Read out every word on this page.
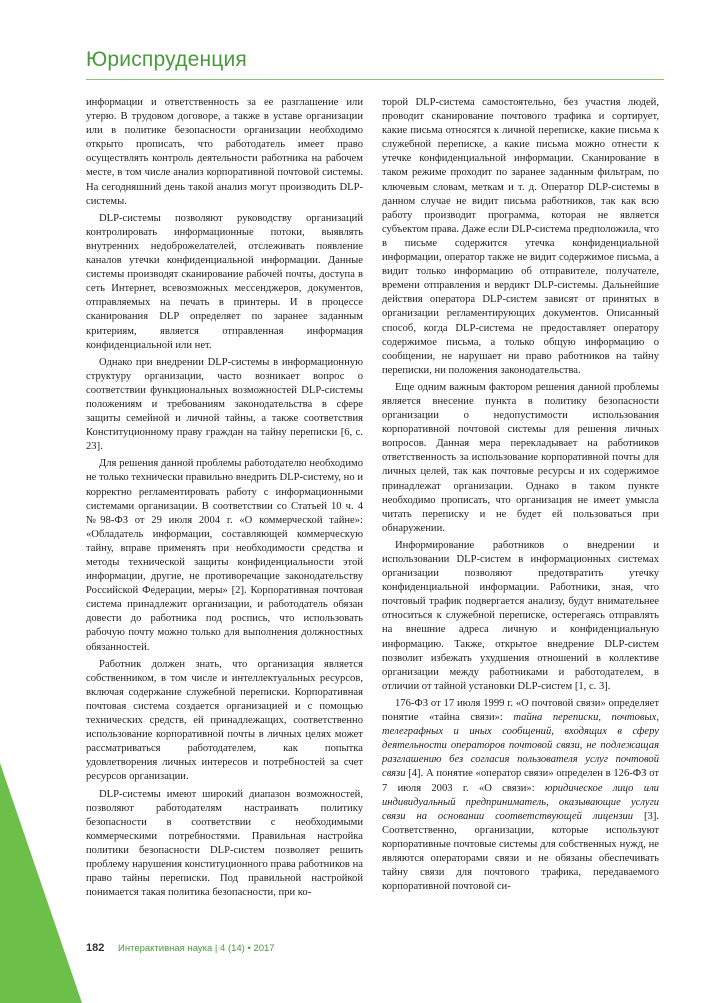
Юриспруденция

информации и ответственность за ее разглашение или утерю. В трудовом договоре, а также в уставе организации или в политике безопасности организации необходимо открыто прописать, что работодатель имеет право осуществлять контроль деятельности работника на рабочем месте, в том числе анализ корпоративной почтовой системы. На сегодняшний день такой анализ могут производить DLP-системы.

DLP-системы позволяют руководству организаций контролировать информационные потоки, выявлять внутренних недоброжелателей, отслеживать появление каналов утечки конфиденциальной информации. Данные системы производят сканирование рабочей почты, доступа в сеть Интернет, всевозможных мессенджеров, документов, отправляемых на печать в принтеры. И в процессе сканирования DLP определяет по заранее заданным критериям, является отправленная информация конфиденциальной или нет.

Однако при внедрении DLP-системы в информационную структуру организации, часто возникает вопрос о соответствии функциональных возможностей DLP-системы положениям и требованиям законодательства в сфере защиты семейной и личной тайны, а также соответствия Конституционному праву граждан на тайну переписки [6, с. 23].

Для решения данной проблемы работодателю необходимо не только технически правильно внедрить DLP-систему, но и корректно регламентировать работу с информационными системами организации. В соответствии со Статьей 10 ч. 4 №98-ФЗ от 29 июля 2004 г. «О коммерческой тайне»: «Обладатель информации, составляющей коммерческую тайну, вправе применять при необходимости средства и методы технической защиты конфиденциальности этой информации, другие, не противоречащие законодательству Российской Федерации, меры» [2]. Корпоративная почтовая система принадлежит организации, и работодатель обязан довести до работника под роспись, что использовать рабочую почту можно только для выполнения должностных обязанностей.

Работник должен знать, что организация является собственником, в том числе и интеллектуальных ресурсов, включая содержание служебной переписки. Корпоративная почтовая система создается организацией и с помощью технических средств, ей принадлежащих, соответственно использование корпоративной почты в личных целях может рассматриваться работодателем, как попытка удовлетворения личных интересов и потребностей за счет ресурсов организации.

DLP-системы имеют широкий диапазон возможностей, позволяют работодателям настраивать политику безопасности в соответствии с необходимыми коммерческими потребностями. Правильная настройка политики безопасности DLP-систем позволяет решить проблему нарушения конституционного права работников на право тайны переписки. Под правильной настройкой понимается такая политика безопасности, при ко-

торой DLP-система самостоятельно, без участия людей, проводит сканирование почтового трафика и сортирует, какие письма относятся к личной переписке, какие письма к служебной переписке, а какие письма можно отнести к утечке конфиденциальной информации. Сканирование в таком режиме проходит по заранее заданным фильтрам, по ключевым словам, меткам и т. д. Оператор DLP-системы в данном случае не видит письма работников, так как всю работу производит программа, которая не является субъектом права. Даже если DLP-система предположила, что в письме содержится утечка конфиденциальной информации, оператор также не видит содержимое письма, а видит только информацию об отправителе, получателе, времени отправления и вердикт DLP-системы. Дальнейшие действия оператора DLP-систем зависят от принятых в организации регламентирующих документов. Описанный способ, когда DLP-система не предоставляет оператору содержимое письма, а только общую информацию о сообщении, не нарушает ни право работников на тайну переписки, ни положения законодательства.

Еще одним важным фактором решения данной проблемы является внесение пункта в политику безопасности организации о недопустимости использования корпоративной почтовой системы для решения личных вопросов. Данная мера перекладывает на работников ответственность за использование корпоративной почты для личных целей, так как почтовые ресурсы и их содержимое принадлежат организации. Однако в таком пункте необходимо прописать, что организация не имеет умысла читать переписку и не будет ей пользоваться при обнаружении.

Информирование работников о внедрении и использовании DLP-систем в информационных системах организации позволяют предотвратить утечку конфиденциальной информации. Работники, зная, что почтовый трафик подвергается анализу, будут внимательнее относиться к служебной переписке, остерегаясь отправлять на внешние адреса личную и конфиденциальную информацию. Также, открытое внедрение DLP-систем позволит избежать ухудшения отношений в коллективе организации между работниками и работодателем, в отличии от тайной установки DLP-систем [1, с. 3].

176-ФЗ от 17 июля 1999 г. «О почтовой связи» определяет понятие «тайна связи»: тайна переписки, почтовых, телеграфных и иных сообщений, входящих в сферу деятельности операторов почтовой связи, не подлежащая разглашению без согласия пользователя услуг почтовой связи [4]. А понятие «оператор связи» определен в 126-ФЗ от 7 июля 2003 г. «О связи»: юридическое лицо или индивидуальный предприниматель, оказывающие услуги связи на основании соответствующей лицензии [3]. Соответственно, организации, которые используют корпоративные почтовые системы для собственных нужд, не являются операторами связи и не обязаны обеспечивать тайну связи для почтового трафика, передаваемого корпоративной почтовой си-

182 Интерактивная наука | 4 (14) • 2017
